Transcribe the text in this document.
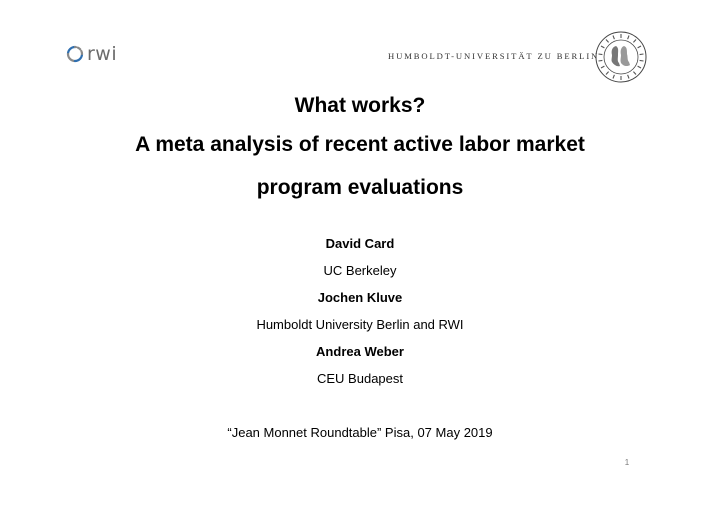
rwi	HUMBOLDT-UNIVERSITÄT ZU BERLIN
What works?
A meta analysis of recent active labor market
program evaluations
David Card
UC Berkeley
Jochen Kluve
Humboldt University Berlin and RWI
Andrea Weber
CEU Budapest
“Jean Monnet Roundtable” Pisa, 07 May 2019
1
